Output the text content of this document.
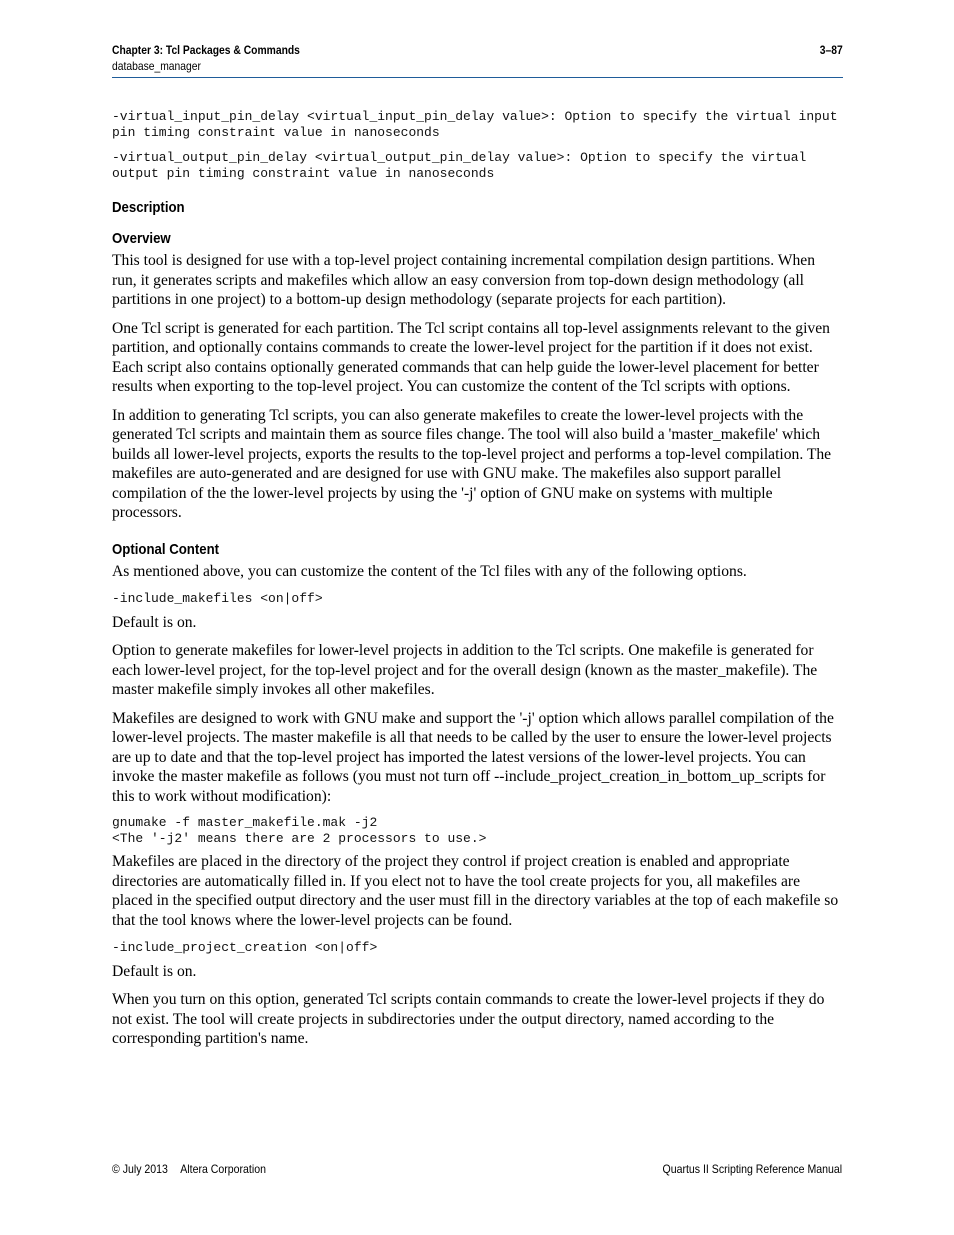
Chapter 3: Tcl Packages & Commands	3–87
database_manager

-virtual_input_pin_delay <virtual_input_pin_delay value>: Option to specify the virtual input pin timing constraint value in nanoseconds

-virtual_output_pin_delay <virtual_output_pin_delay value>: Option to specify the virtual output pin timing constraint value in nanoseconds

Description
Overview

This tool is designed for use with a top-level project containing incremental compilation design partitions. When run, it generates scripts and makefiles which allow an easy conversion from top-down design methodology (all partitions in one project) to a bottom-up design methodology (separate projects for each partition).

One Tcl script is generated for each partition. The Tcl script contains all top-level assignments relevant to the given partition, and optionally contains commands to create the lower-level project for the partition if it does not exist. Each script also contains optionally generated commands that can help guide the lower-level placement for better results when exporting to the top-level project. You can customize the content of the Tcl scripts with options.

In addition to generating Tcl scripts, you can also generate makefiles to create the lower-level projects with the generated Tcl scripts and maintain them as source files change. The tool will also build a 'master_makefile' which builds all lower-level projects, exports the results to the top-level project and performs a top-level compilation. The makefiles are auto-generated and are designed for use with GNU make. The makefiles also support parallel compilation of the the lower-level projects by using the '-j' option of GNU make on systems with multiple processors.

Optional Content

As mentioned above, you can customize the content of the Tcl files with any of the following options.

-include_makefiles <on|off>

Default is on.

Option to generate makefiles for lower-level projects in addition to the Tcl scripts. One makefile is generated for each lower-level project, for the top-level project and for the overall design (known as the master_makefile). The master makefile simply invokes all other makefiles.

Makefiles are designed to work with GNU make and support the '-j' option which allows parallel compilation of the lower-level projects. The master makefile is all that needs to be called by the user to ensure the lower-level projects are up to date and that the top-level project has imported the latest versions of the lower-level projects. You can invoke the master makefile as follows (you must not turn off --include_project_creation_in_bottom_up_scripts for this to work without modification):

gnumake -f master_makefile.mak -j2

<The '-j2' means there are 2 processors to use.>

Makefiles are placed in the directory of the project they control if project creation is enabled and appropriate directories are automatically filled in. If you elect not to have the tool create projects for you, all makefiles are placed in the specified output directory and the user must fill in the directory variables at the top of each makefile so that the tool knows where the lower-level projects can be found.

-include_project_creation <on|off>

Default is on.

When you turn on this option, generated Tcl scripts contain commands to create the lower-level projects if they do not exist. The tool will create projects in subdirectories under the output directory, named according to the corresponding partition's name.

© July 2013 Altera Corporation	Quartus II Scripting Reference Manual
